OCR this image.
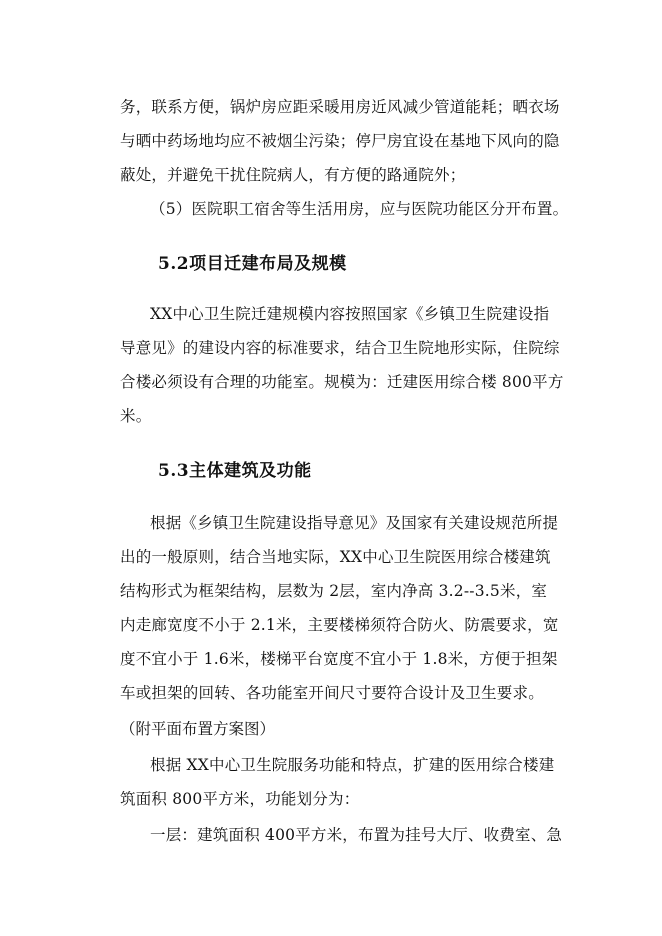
务，联系方便，锅炉房应距采暖用房近风减少管道能耗；晒衣场
与晒中药场地均应不被烟尘污染；停尸房宜设在基地下风向的隐
蔽处，并避免干扰住院病人，有方便的路通院外；
（5）医院职工宿舍等生活用房，应与医院功能区分开布置。
5.2项目迁建布局及规模
XX中心卫生院迁建规模内容按照国家《乡镇卫生院建设指
导意见》的建设内容的标准要求，结合卫生院地形实际，住院综
合楼必须设有合理的功能室。规模为：迁建医用综合楼 800平方
米。
5.3主体建筑及功能
根据《乡镇卫生院建设指导意见》及国家有关建设规范所提
出的一般原则，结合当地实际，XX中心卫生院医用综合楼建筑
结构形式为框架结构，层数为 2层，室内净高 3.2--3.5米，室
内走廊宽度不小于 2.1米，主要楼梯须符合防火、防震要求，宽
度不宜小于 1.6米，楼梯平台宽度不宜小于 1.8米，方便于担架
车或担架的回转、各功能室开间尺寸要符合设计及卫生要求。
（附平面布置方案图）
根据 XX中心卫生院服务功能和特点，扩建的医用综合楼建
筑面积 800平方米，功能划分为：
一层：建筑面积 400平方米，布置为挂号大厅、收费室、急
